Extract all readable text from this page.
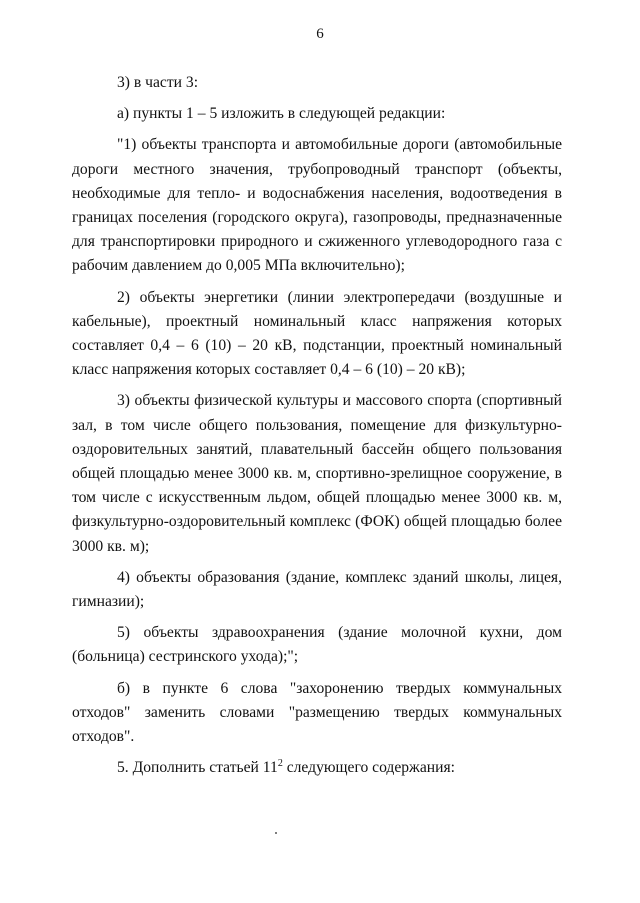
6

3) в части 3:

а) пункты 1 – 5 изложить в следующей редакции:

"1) объекты транспорта и автомобильные дороги (автомобильные дороги местного значения, трубопроводный транспорт (объекты, необходимые для тепло- и водоснабжения населения, водоотведения в границах поселения (городского округа), газопроводы, предназначенные для транспортировки природного и сжиженного углеводородного газа с рабочим давлением до 0,005 МПа включительно);

2) объекты энергетики (линии электропередачи (воздушные и кабельные), проектный номинальный класс напряжения которых составляет 0,4 – 6 (10) – 20 кВ, подстанции, проектный номинальный класс напряжения которых составляет 0,4 – 6 (10) – 20 кВ);

3) объекты физической культуры и массового спорта (спортивный зал, в том числе общего пользования, помещение для физкультурно-оздоровительных занятий, плавательный бассейн общего пользования общей площадью менее 3000 кв. м, спортивно-зрелищное сооружение, в том числе с искусственным льдом, общей площадью менее 3000 кв. м, физкультурно-оздоровительный комплекс (ФОК) общей площадью более 3000 кв. м);

4) объекты образования (здание, комплекс зданий школы, лицея, гимназии);

5) объекты здравоохранения (здание молочной кухни, дом (больница) сестринского ухода);";

б) в пункте 6 слова "захоронению твердых коммунальных отходов" заменить словами "размещению твердых коммунальных отходов".

5. Дополнить статьей $11^2$ следующего содержания:
